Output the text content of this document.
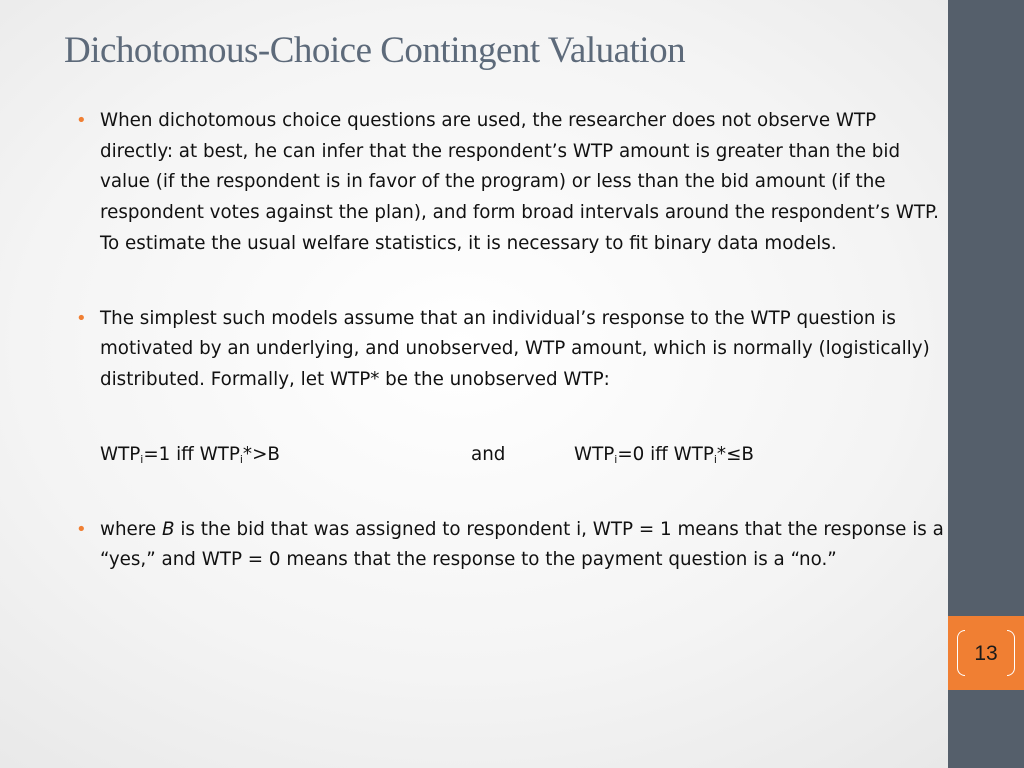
13
Dichotomous-Choice Contingent Valuation

• When dichotomous choice questions are used, the researcher does not observe WTP directly: at best, he can infer that the respondent’s WTP amount is greater than the bid value (if the respondent is in favor of the program) or less than the bid amount (if the respondent votes against the plan), and form broad intervals around the respondent’s WTP. To estimate the usual welfare statistics, it is necessary to fit binary data models.

• The simplest such models assume that an individual’s response to the WTP question is motivated by an underlying, and unobserved, WTP amount, which is normally (logistically) distributed. Formally, let WTP* be the unobserved WTP:

$WTP_i=1$ iff $WTP_i*>B$	and	$WTP_i=0$ iff $WTP_i*\le B$

• where B is the bid that was assigned to respondent i, WTP = 1 means that the response is a “yes,” and WTP = 0 means that the response to the payment question is a “no.”
